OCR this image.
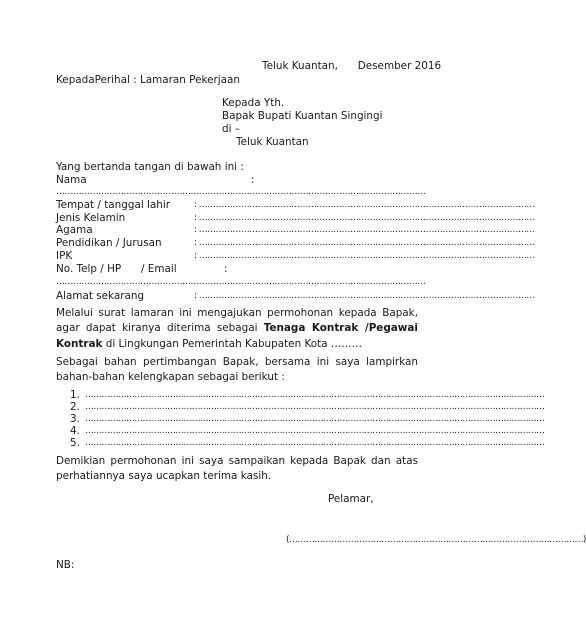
Teluk Kuantan,      Desember 2016
KepadaPerihal : Lamaran Pekerjaan
Kepada Yth.
Bapak Bupati Kuantan Singingi
di –
Teluk Kuantan
Yang bertanda tangan di bawah ini :
Nama	:
……………………………………………………………………………………………………………………
Tempat / tanggal lahir	: …………………………………………………………………………………………………………
Jenis Kelamin	: …………………………………………………………………………………………………………
Agama	: …………………………………………………………………………………………………………
Pendidikan / Jurusan	: …………………………………………………………………………………………………………
IPK	: …………………………………………………………………………………………………………
No. Telp / HP / Email	:
……………………………………………………………………………………………………………………
Alamat sekarang	: …………………………………………………………………………………………………………
Melalui surat lamaran ini mengajukan permohonan kepada Bapak, agar dapat kiranya diterima sebagai Tenaga Kontrak /Pegawai Kontrak di Lingkungan Pemerintah Kabupaten Kota ………
Sebagai bahan pertimbangan Bapak, bersama ini saya lampirkan bahan-bahan kelengkapan sebagai berikut :
1. ……………………………………………………………………………………………………………………………………………………
2. ……………………………………………………………………………………………………………………………………………………
3. ……………………………………………………………………………………………………………………………………………………
4. ……………………………………………………………………………………………………………………………………………………
5. ……………………………………………………………………………………………………………………………………………………
Demikian permohonan ini saya sampaikan kepada Bapak dan atas perhatiannya saya ucapkan terima kasih.
Pelamar,
(……………………………………………………………………………………………)
NB:
